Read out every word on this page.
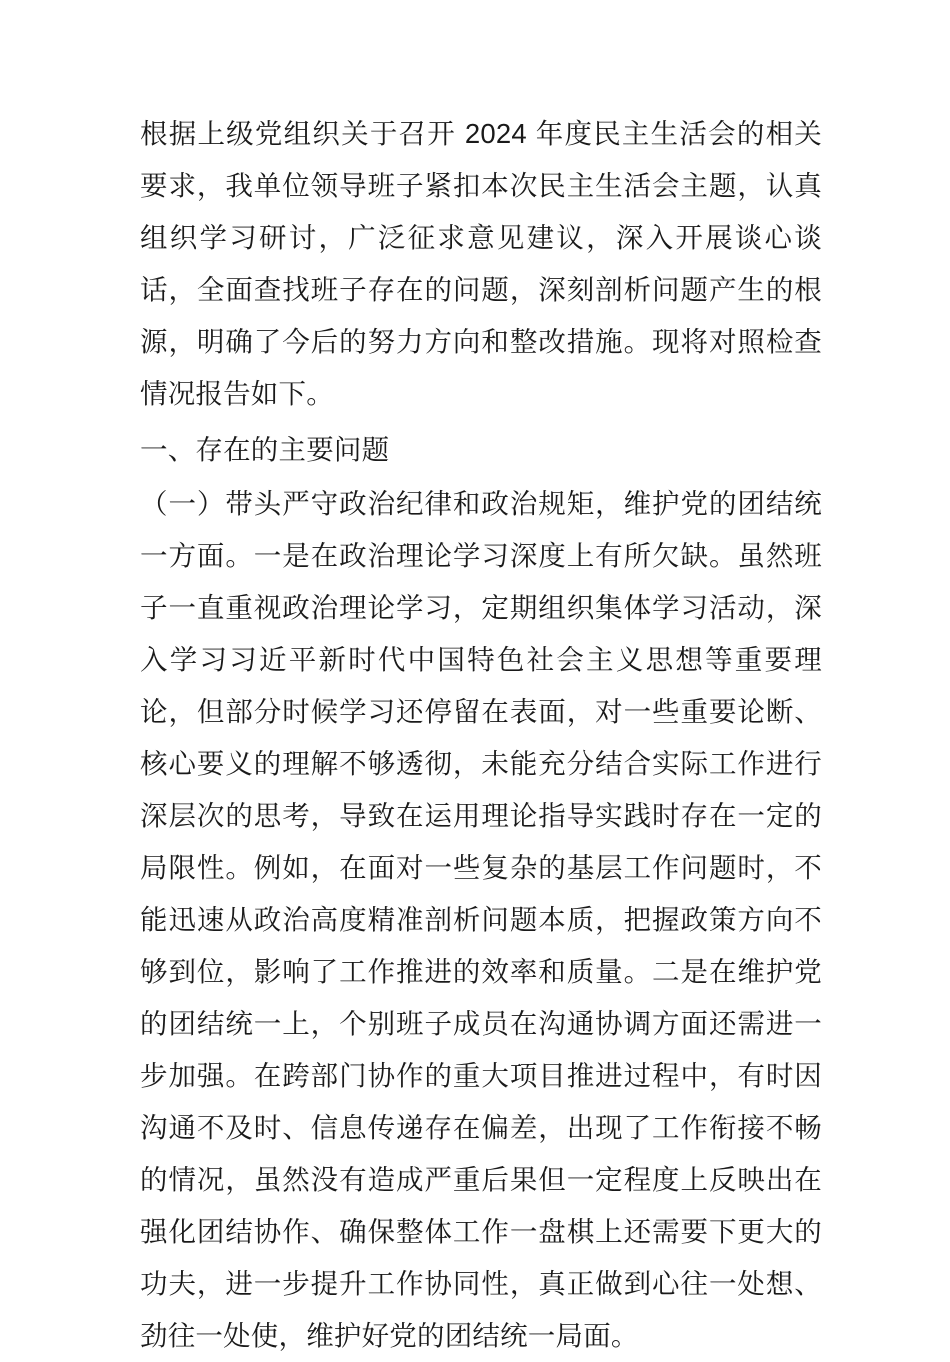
根据上级党组织关于召开 2024 年度民主生活会的相关要求，我单位领导班子紧扣本次民主生活会主题，认真组织学习研讨，广泛征求意见建议，深入开展谈心谈话，全面查找班子存在的问题，深刻剖析问题产生的根源，明确了今后的努力方向和整改措施。现将对照检查情况报告如下。

一、存在的主要问题

（一）带头严守政治纪律和政治规矩，维护党的团结统一方面。一是在政治理论学习深度上有所欠缺。虽然班子一直重视政治理论学习，定期组织集体学习活动，深入学习习近平新时代中国特色社会主义思想等重要理论，但部分时候学习还停留在表面，对一些重要论断、核心要义的理解不够透彻，未能充分结合实际工作进行深层次的思考，导致在运用理论指导实践时存在一定的局限性。例如，在面对一些复杂的基层工作问题时，不能迅速从政治高度精准剖析问题本质，把握政策方向不够到位，影响了工作推进的效率和质量。二是在维护党的团结统一上，个别班子成员在沟通协调方面还需进一步加强。在跨部门协作的重大项目推进过程中，有时因沟通不及时、信息传递存在偏差，出现了工作衔接不畅的情况，虽然没有造成严重后果但一定程度上反映出在强化团结协作、确保整体工作一盘棋上还需要下更大的功夫，进一步提升工作协同性，真正做到心往一处想、劲往一处使，维护好党的团结统一局面。
